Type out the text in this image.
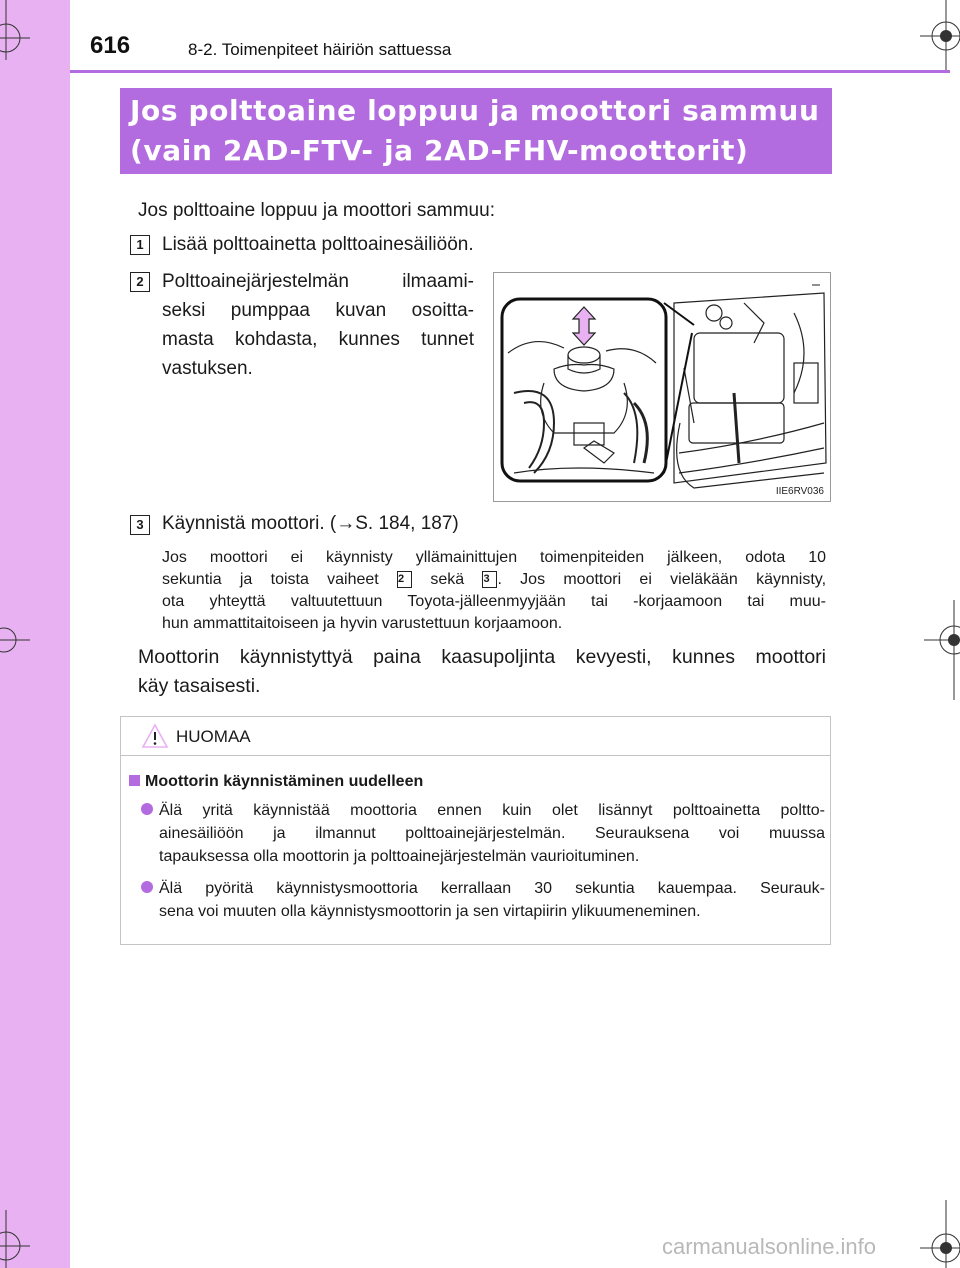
616	8-2. Toimenpiteet häiriön sattuessa
Jos polttoaine loppuu ja moottori sammuu
(vain 2AD-FTV- ja 2AD-FHV-moottorit)
Jos polttoaine loppuu ja moottori sammuu:
1 Lisää polttoainetta polttoainesäiliöön.
2 Polttoainejärjestelmän ilmaami-
seksi pumppaa kuvan osoitta-
masta kohdasta, kunnes tunnet
vastuksen.
IIE6RV036
3 Käynnistä moottori. (→S. 184, 187)
Jos moottori ei käynnisty yllämainittujen toimenpiteiden jälkeen, odota 10
sekuntia ja toista vaiheet 2 sekä 3 . Jos moottori ei vieläkään käynnisty,
ota yhteyttä valtuutettuun Toyota-jälleenmyyjään tai -korjaamoon tai muu-
hun ammattitaitoiseen ja hyvin varustettuun korjaamoon.
Moottorin käynnistyttyä paina kaasupoljinta kevyesti, kunnes moottori
käy tasaisesti.
HUOMAA
Moottorin käynnistäminen uudelleen
Älä yritä käynnistää moottoria ennen kuin olet lisännyt polttoainetta poltto-
ainesäiliöön ja ilmannut polttoainejärjestelmän. Seurauksena voi muussa
tapauksessa olla moottorin ja polttoainejärjestelmän vaurioituminen.
Älä pyöritä käynnistysmoottoria kerrallaan 30 sekuntia kauempaa. Seurauk-
sena voi muuten olla käynnistysmoottorin ja sen virtapiirin ylikuumeneminen.
carmanualsonline.info
